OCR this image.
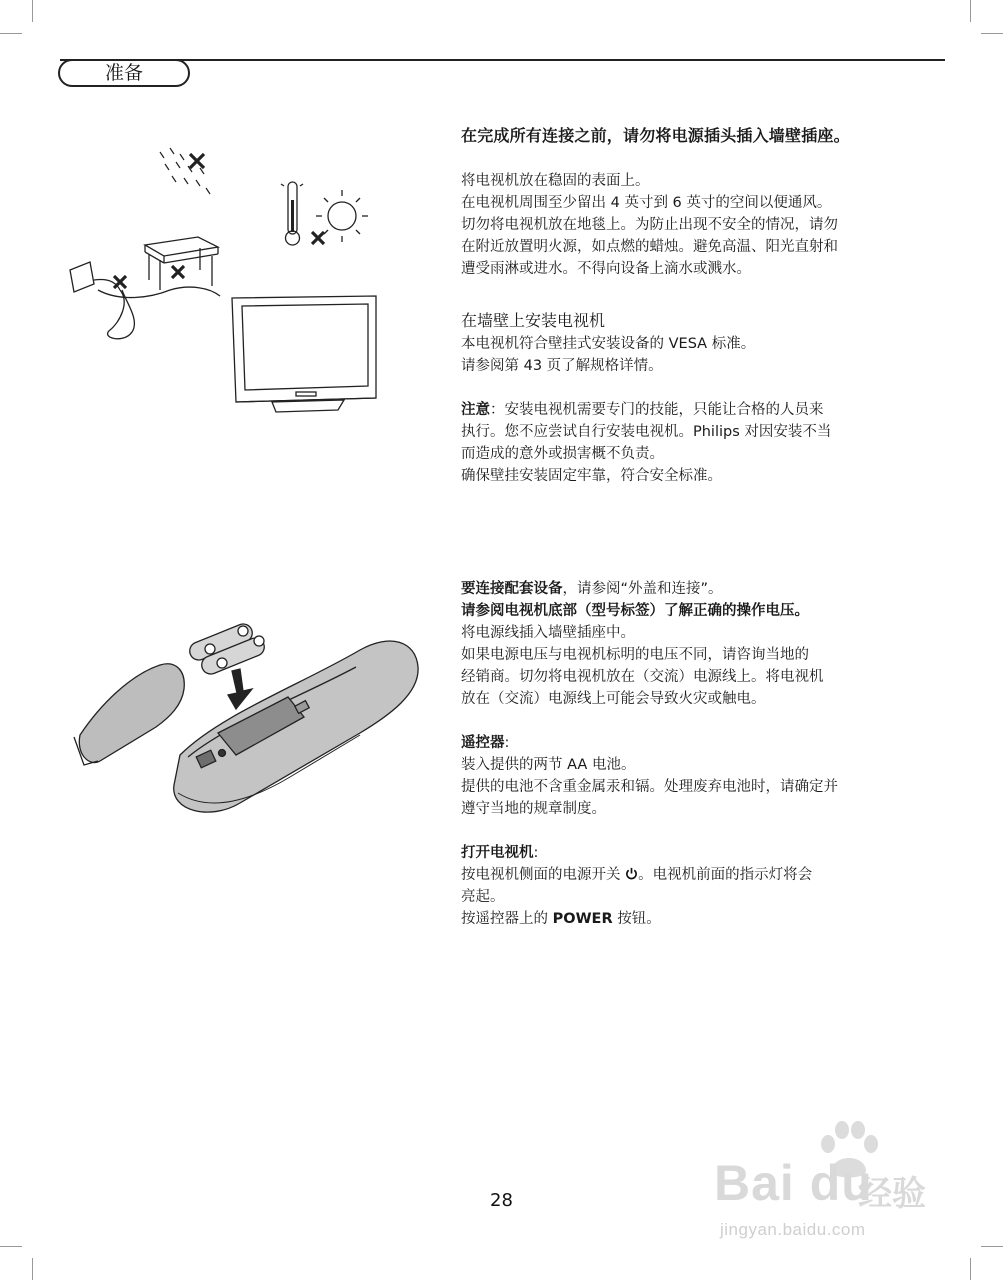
准备

在完成所有连接之前，请勿将电源插头插入墙壁插座。

将电视机放在稳固的表面上。

在电视机周围至少留出 4 英寸到 6 英寸的空间以便通风。

切勿将电视机放在地毯上。为防止出现不安全的情况，请勿

在附近放置明火源，如点燃的蜡烛。避免高温、阳光直射和

遭受雨淋或进水。不得向设备上滴水或溅水。

在墙壁上安装电视机

本电视机符合壁挂式安装设备的 VESA 标准。

请参阅第 43 页了解规格详情。

注意：安装电视机需要专门的技能，只能让合格的人员来

执行。您不应尝试自行安装电视机。Philips 对因安装不当

而造成的意外或损害概不负责。

确保壁挂安装固定牢靠，符合安全标准。

要连接配套设备，请参阅“外盖和连接”。

请参阅电视机底部（型号标签）了解正确的操作电压。

将电源线插入墙壁插座中。

如果电源电压与电视机标明的电压不同，请咨询当地的

经销商。切勿将电视机放在（交流）电源线上。将电视机

放在（交流）电源线上可能会导致火灾或触电。

遥控器:

装入提供的两节 AA 电池。

提供的电池不含重金属汞和镉。处理废弃电池时，请确定并

遵守当地的规章制度。

打开电视机:

按电视机侧面的电源开关 。电视机前面的指示灯将会

亮起。

按遥控器上的 POWER 按钮。

28	Bai du
经验
jingyan.baidu.com
